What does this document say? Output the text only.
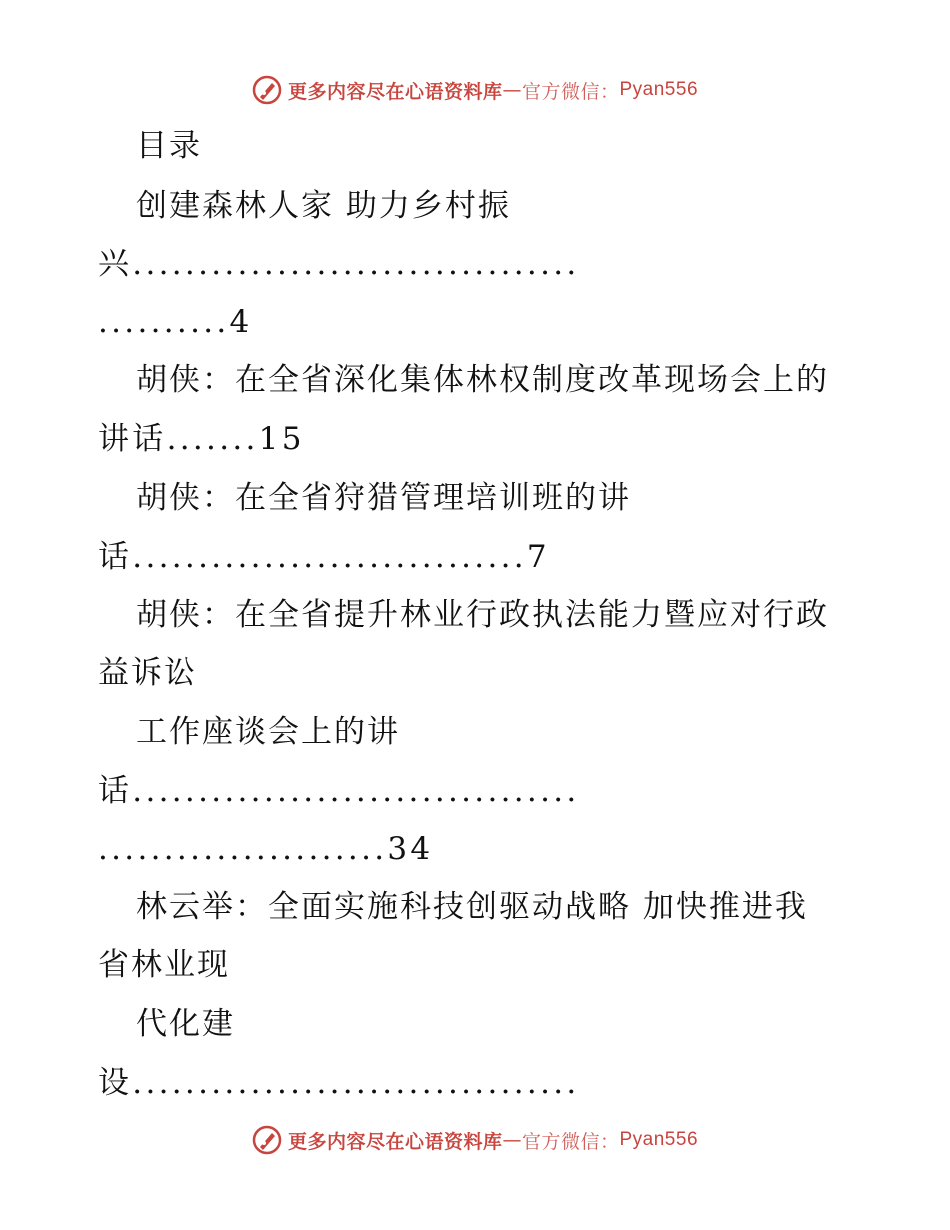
更多内容尽在心语资料库 — 官方微信： Pyan556
目录
创建森林人家 助力乡村振
兴..................................
..........4
胡侠：在全省深化集体林权制度改革现场会上的
讲话.......15
胡侠：在全省狩猎管理培训班的讲
话..............................7
胡侠：在全省提升林业行政执法能力暨应对行政
益诉讼
工作座谈会上的讲
话..................................
......................34
林云举：全面实施科技创驱动战略 加快推进我
省林业现
代化建
设..................................
更多内容尽在心语资料库 — 官方微信： Pyan556
